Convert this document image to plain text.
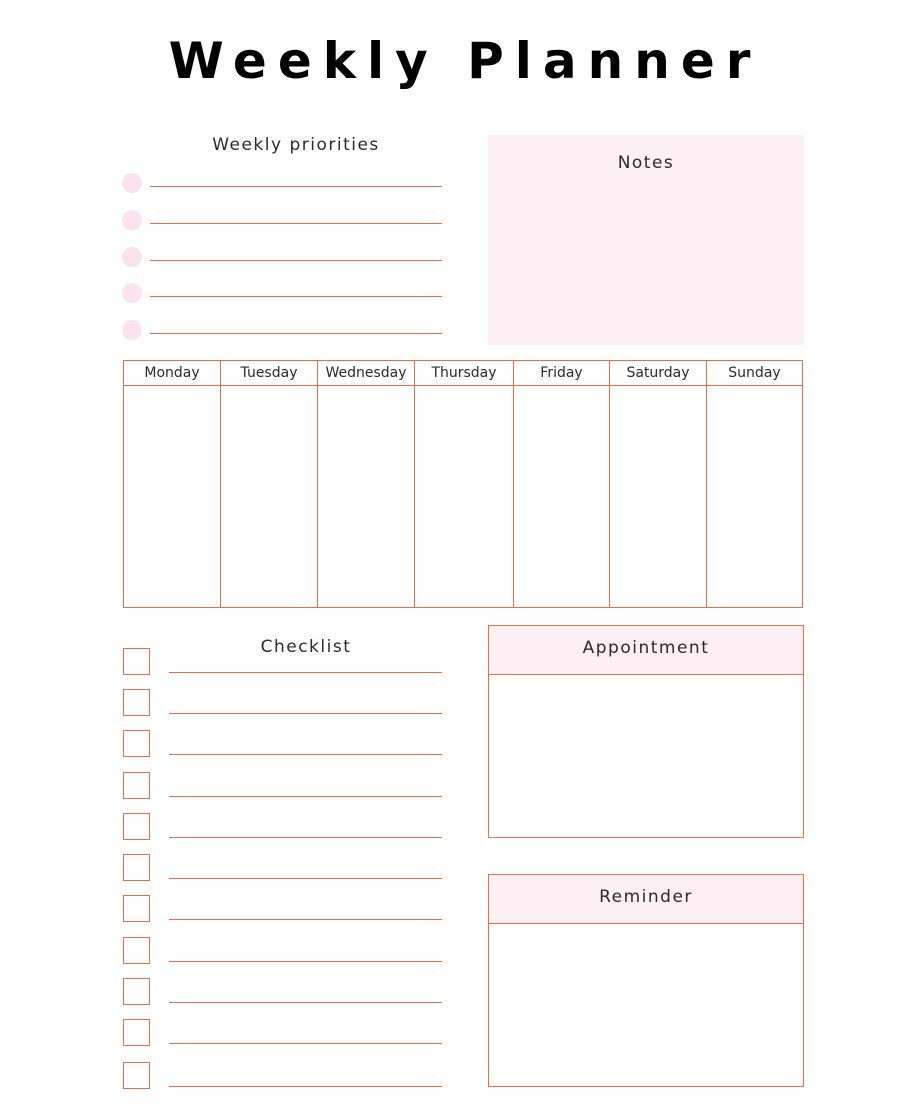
Weekly Planner
Weekly priorities
Notes
Monday	Tuesday	Wednesday	Thursday	Friday	Saturday	Sunday
Checklist	Appointment
Reminder
